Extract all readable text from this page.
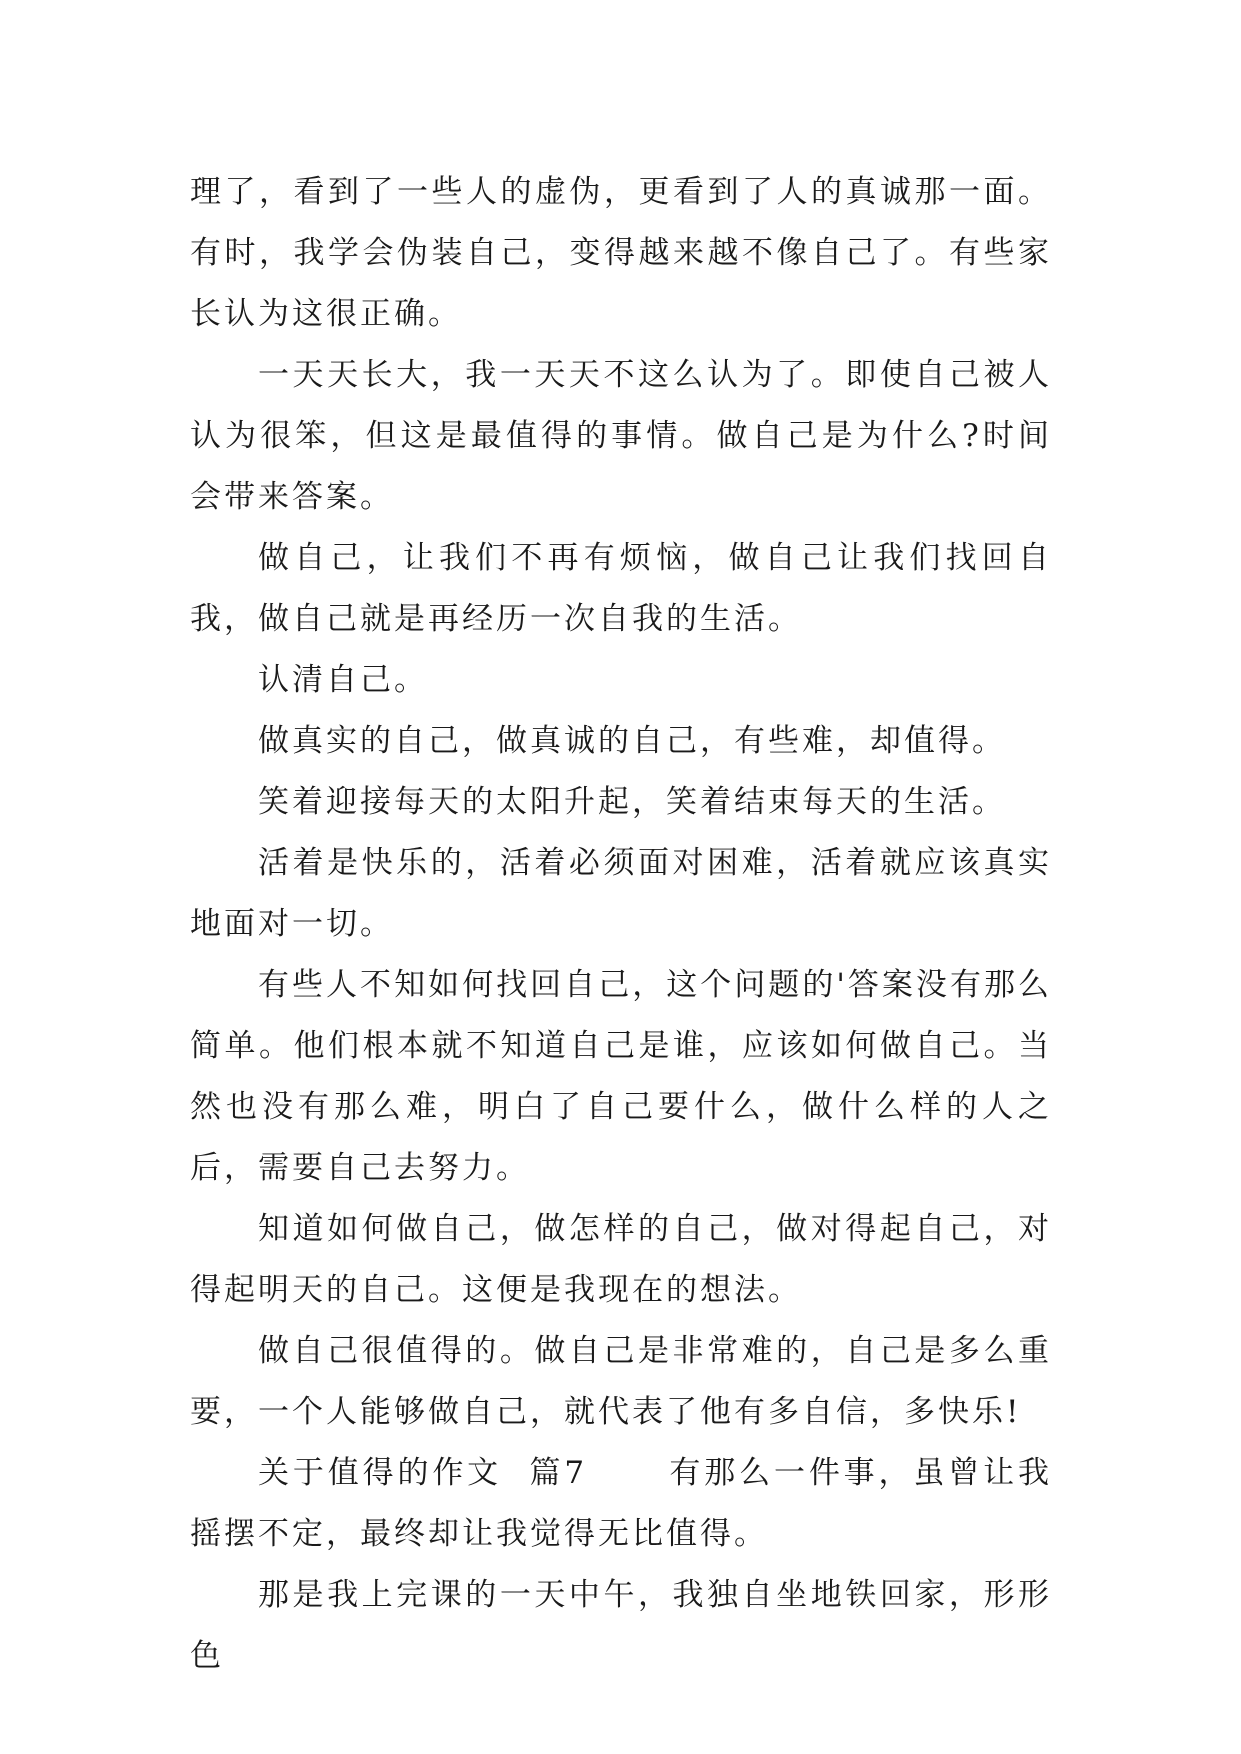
理了，看到了一些人的虚伪，更看到了人的真诚那一面。有时，我学会伪装自己，变得越来越不像自己了。有些家长认为这很正确。

一天天长大，我一天天不这么认为了。即使自己被人认为很笨，但这是最值得的事情。做自己是为什么?时间会带来答案。

做自己，让我们不再有烦恼，做自己让我们找回自我，做自己就是再经历一次自我的生活。

认清自己。

做真实的自己，做真诚的自己，有些难，却值得。

笑着迎接每天的太阳升起，笑着结束每天的生活。

活着是快乐的，活着必须面对困难，活着就应该真实地面对一切。

有些人不知如何找回自己，这个问题的'答案没有那么简单。他们根本就不知道自己是谁，应该如何做自己。当然也没有那么难，明白了自己要什么，做什么样的人之后，需要自己去努力。

知道如何做自己，做怎样的自己，做对得起自己，对得起明天的自己。这便是我现在的想法。

做自己很值得的。做自己是非常难的，自己是多么重要，一个人能够做自己，就代表了他有多自信，多快乐!

关于值得的作文  篇7      有那么一件事，虽曾让我摇摆不定，最终却让我觉得无比值得。

那是我上完课的一天中午，我独自坐地铁回家，形形色
